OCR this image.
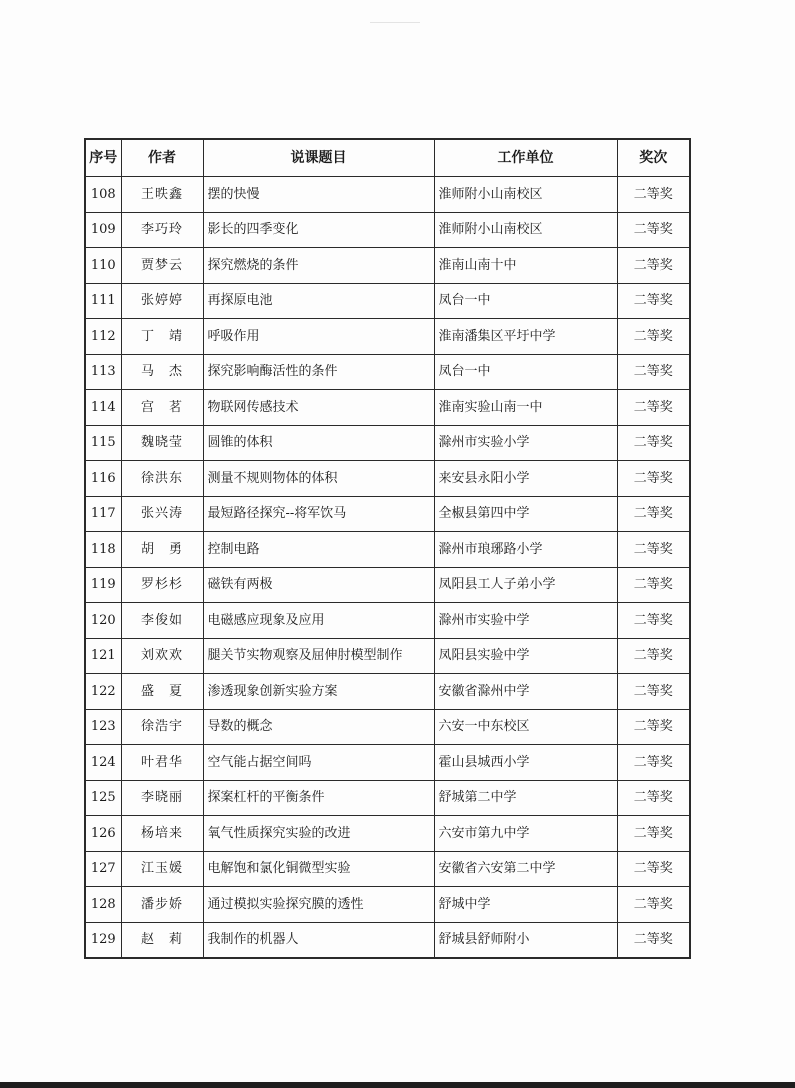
序号	作者	说课题目	工作单位	奖次
108	王昳鑫	摆的快慢	淮师附小山南校区	二等奖
109	李巧玲	影长的四季变化	淮师附小山南校区	二等奖
110	贾梦云	探究燃烧的条件	淮南山南十中	二等奖
111	张婷婷	再探原电池	凤台一中	二等奖
112	丁　靖	呼吸作用	淮南潘集区平圩中学	二等奖
113	马　杰	探究影响酶活性的条件	凤台一中	二等奖
114	宫　茗	物联网传感技术	淮南实验山南一中	二等奖
115	魏晓莹	圆锥的体积	滁州市实验小学	二等奖
116	徐洪东	测量不规则物体的体积	来安县永阳小学	二等奖
117	张兴涛	最短路径探究--将军饮马	全椒县第四中学	二等奖
118	胡　勇	控制电路	滁州市琅琊路小学	二等奖
119	罗杉杉	磁铁有两极	凤阳县工人子弟小学	二等奖
120	李俊如	电磁感应现象及应用	滁州市实验中学	二等奖
121	刘欢欢	腿关节实物观察及屈伸肘模型制作	凤阳县实验中学	二等奖
122	盛　夏	渗透现象创新实验方案	安徽省滁州中学	二等奖
123	徐浩宇	导数的概念	六安一中东校区	二等奖
124	叶君华	空气能占据空间吗	霍山县城西小学	二等奖
125	李晓丽	探案杠杆的平衡条件	舒城第二中学	二等奖
126	杨培来	氧气性质探究实验的改进	六安市第九中学	二等奖
127	江玉媛	电解饱和氯化铜微型实验	安徽省六安第二中学	二等奖
128	潘步娇	通过模拟实验探究膜的透性	舒城中学	二等奖
129	赵　莉	我制作的机器人	舒城县舒师附小	二等奖
